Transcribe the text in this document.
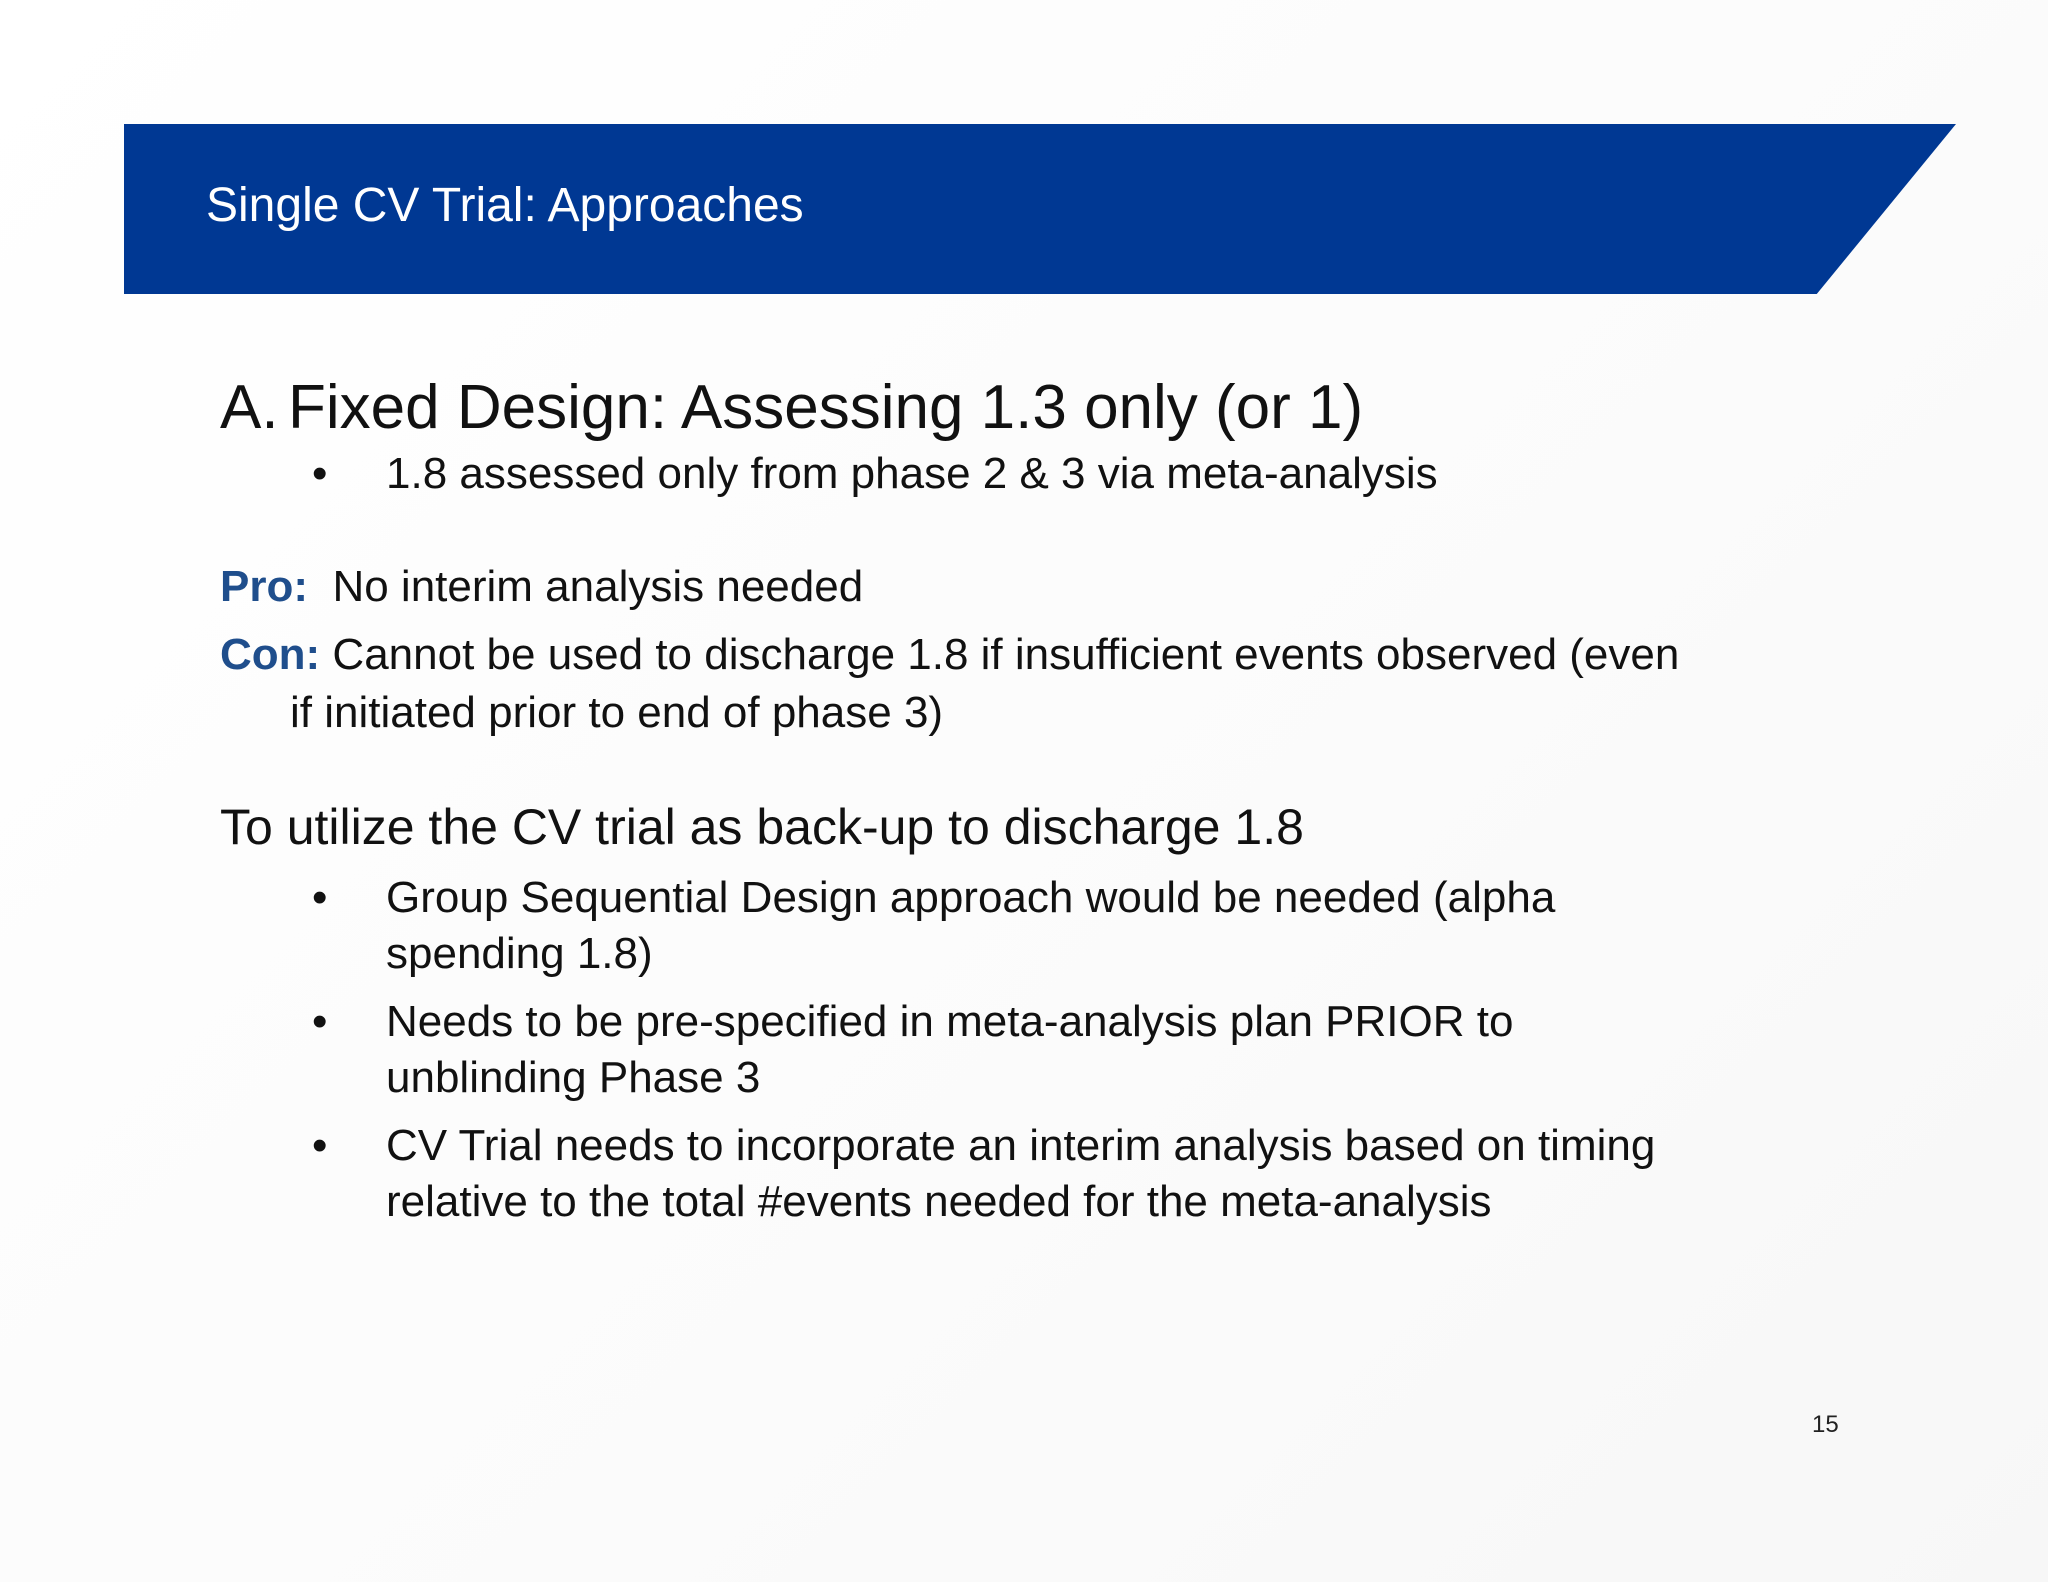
Single CV Trial: Approaches
A. Fixed Design: Assessing 1.3 only (or 1)
•	1.8 assessed only from phase 2 & 3 via meta-analysis
Pro: No interim analysis needed
Con: Cannot be used to discharge 1.8 if insufficient events observed (even
if initiated prior to end of phase 3)
To utilize the CV trial as back-up to discharge 1.8
•	Group Sequential Design approach would be needed (alpha
spending 1.8)
•	Needs to be pre-specified in meta-analysis plan PRIOR to
unblinding Phase 3
•	CV Trial needs to incorporate an interim analysis based on timing
relative to the total #events needed for the meta-analysis
15
